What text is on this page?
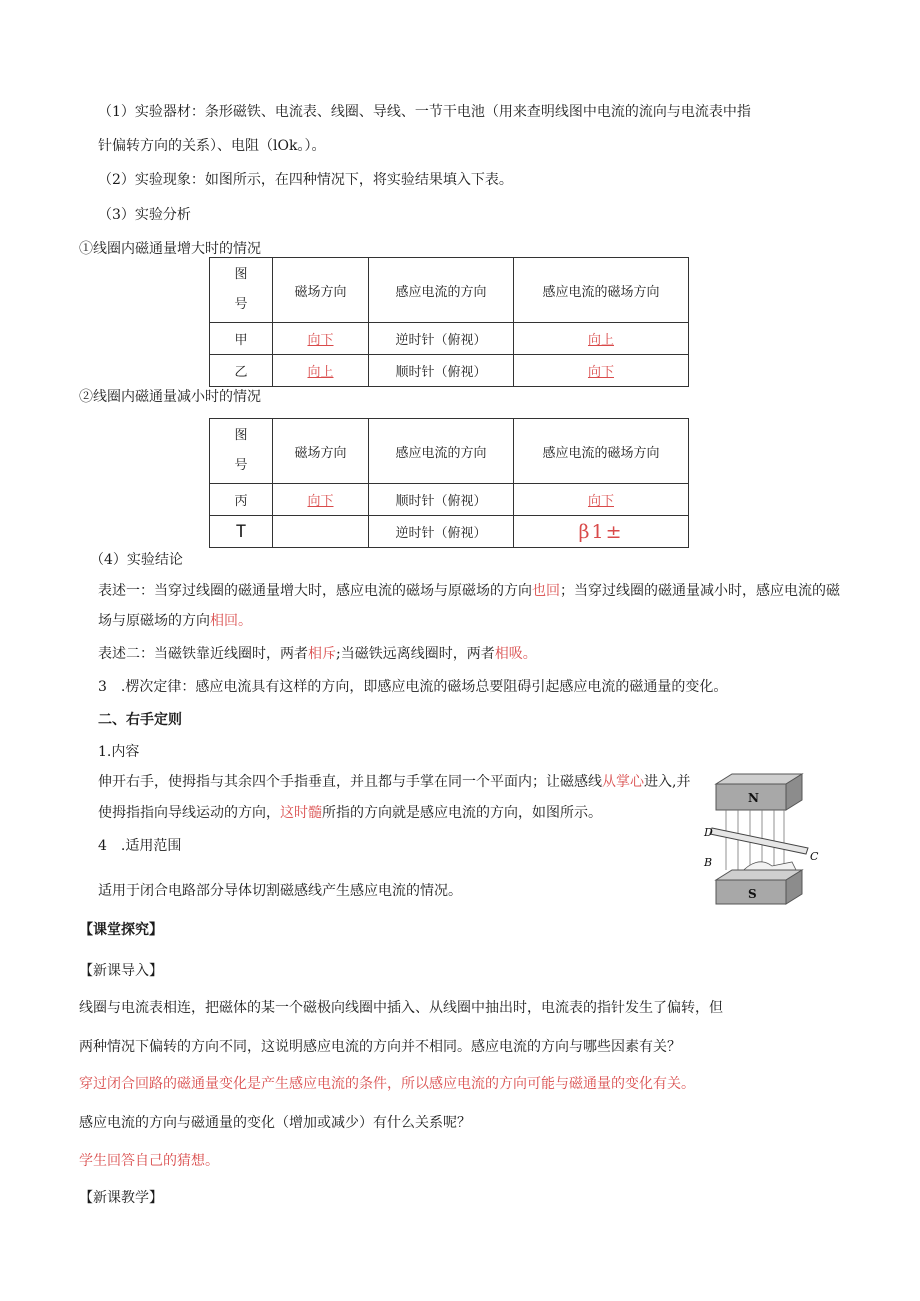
（1）实验器材：条形磁铁、电流表、线圈、导线、一节干电池（用来查明线图中电流的流向与电流表中指
针偏转方向的关系）、电阻（lOk。）。
（2）实验现象：如图所示，在四种情况下，将实验结果填入下表。
（3）实验分析
①线圈内磁通量增大时的情况
图
号	磁场方向	感应电流的方向	感应电流的磁场方向
甲	向下	逆时针（俯视）	向上
乙	向上	顺时针（俯视）	向下
②线圈内磁通量减小时的情况
图
号	磁场方向	感应电流的方向	感应电流的磁场方向
丙	向下	顺时针（俯视）	向下
T		逆时针（俯视）	β1±
（4）实验结论
表述一：当穿过线圈的磁通量增大时，感应电流的磁场与原磁场的方向也回；当穿过线圈的磁通量减小时，感应电流的磁
场与原磁场的方向相回。
表述二：当磁铁靠近线圈时，两者相斥;当磁铁远离线圈时，两者相吸。
3　.楞次定律：感应电流具有这样的方向，即感应电流的磁场总要阻碍引起感应电流的磁通量的变化。
二、右手定则
1.内容
伸开右手，使拇指与其余四个手指垂直，并且都与手掌在同一个平面内；让磁感线从掌心进入,并
使拇指指向导线运动的方向，这时髓所指的方向就是感应电流的方向，如图所示。
4　.适用范围
适用于闭合电路部分导体切割磁感线产生感应电流的情况。
N
D
C
B
S
【课堂探究】
【新课导入】
线圈与电流表相连，把磁体的某一个磁极向线圈中插入、从线圈中抽出时，电流表的指针发生了偏转，但
两种情况下偏转的方向不同，这说明感应电流的方向并不相同。感应电流的方向与哪些因素有关？
穿过闭合回路的磁通量变化是产生感应电流的条件，所以感应电流的方向可能与磁通量的变化有关。
感应电流的方向与磁通量的变化（增加或减少）有什么关系呢？
学生回答自己的猜想。
【新课教学】
